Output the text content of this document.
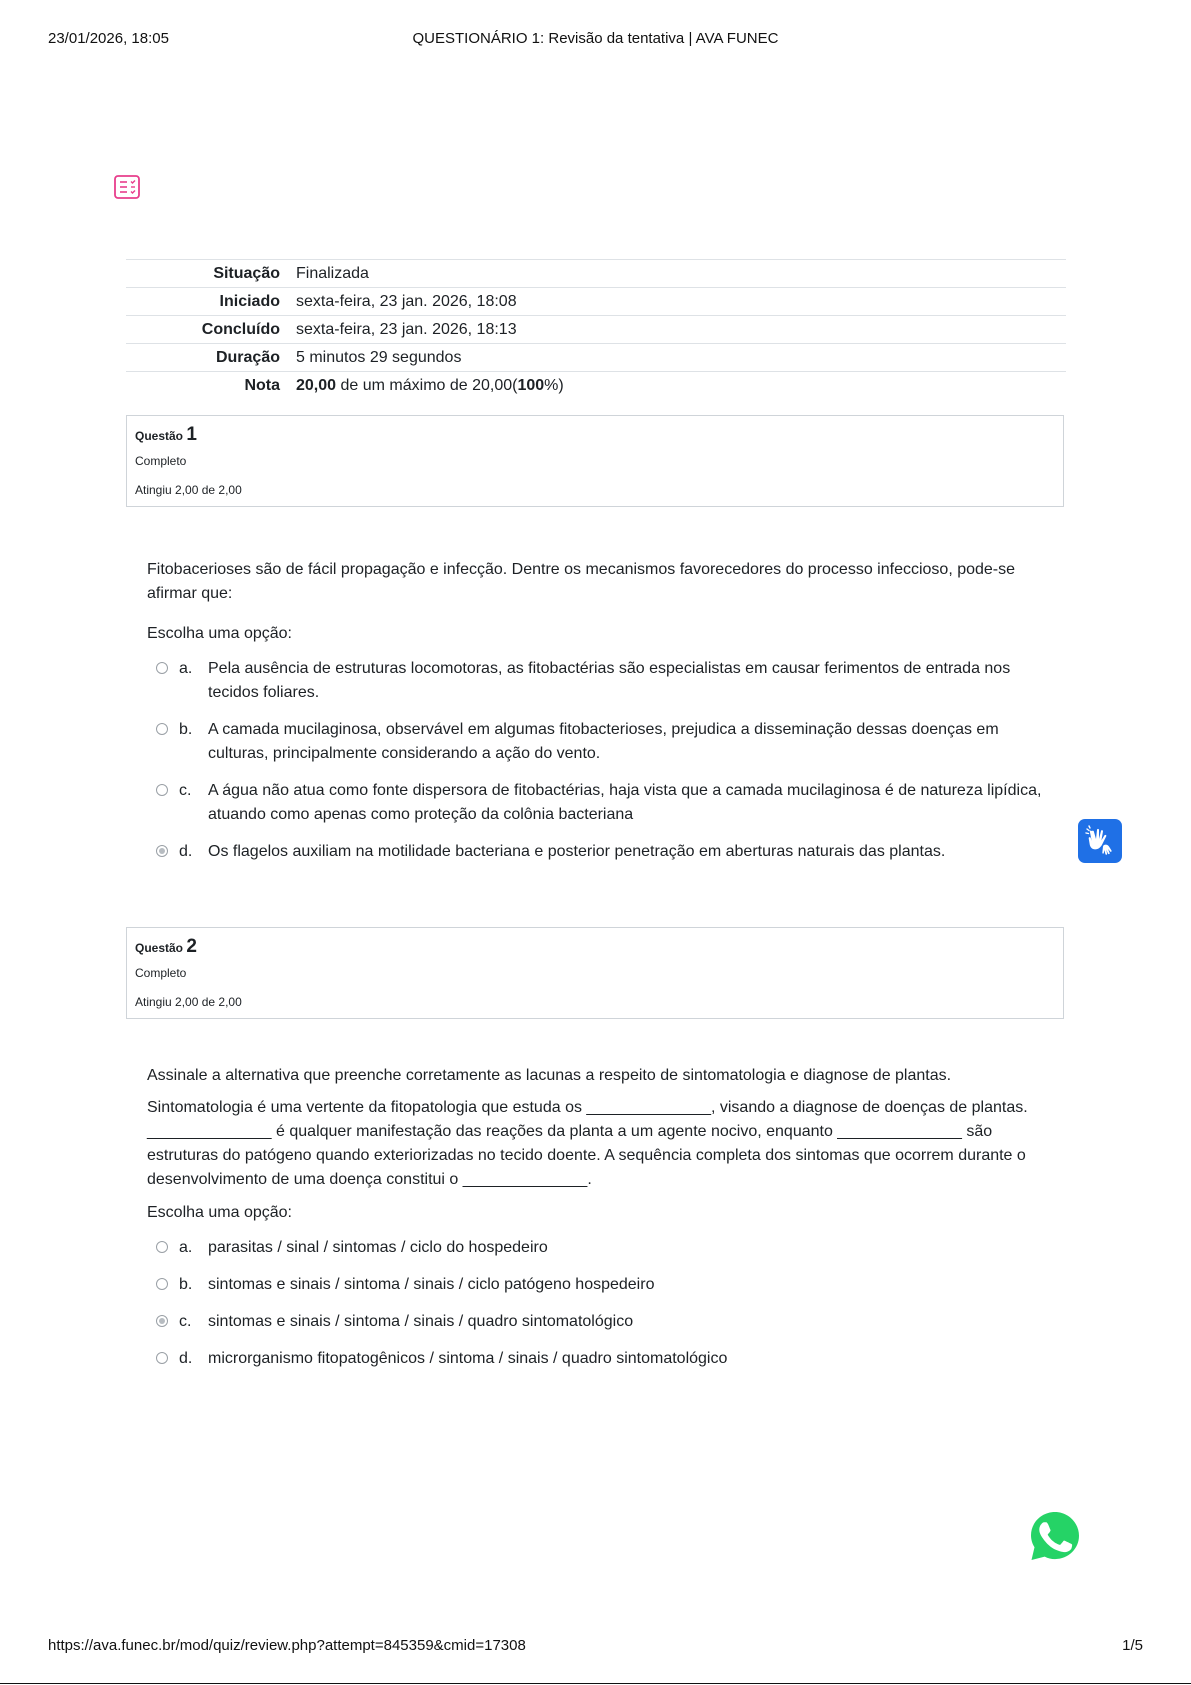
23/01/2026, 18:05	QUESTIONÁRIO 1: Revisão da tentativa | AVA FUNEC
Situação	Finalizada
Iniciado	sexta-feira, 23 jan. 2026, 18:08
Concluído	sexta-feira, 23 jan. 2026, 18:13
Duração	5 minutos 29 segundos
Nota	20,00 de um máximo de 20,00(100%)
Questão 1
Completo
Atingiu 2,00 de 2,00

Fitobacerioses são de fácil propagação e infecção. Dentre os mecanismos favorecedores do processo infeccioso, pode-se afirmar que:

Escolha uma opção:

a. Pela ausência de estruturas locomotoras, as fitobactérias são especialistas em causar ferimentos de entrada nos tecidos foliares.
b. A camada mucilaginosa, observável em algumas fitobacterioses, prejudica a disseminação dessas doenças em culturas, principalmente considerando a ação do vento.
c. A água não atua como fonte dispersora de fitobactérias, haja vista que a camada mucilaginosa é de natureza lipídica, atuando como apenas como proteção da colônia bacteriana
d. Os flagelos auxiliam na motilidade bacteriana e posterior penetração em aberturas naturais das plantas.
Questão 2
Completo
Atingiu 2,00 de 2,00

Assinale a alternativa que preenche corretamente as lacunas a respeito de sintomatologia e diagnose de plantas.

Sintomatologia é uma vertente da fitopatologia que estuda os ______________, visando a diagnose de doenças de plantas. ______________ é qualquer manifestação das reações da planta a um agente nocivo, enquanto ______________ são estruturas do patógeno quando exteriorizadas no tecido doente. A sequência completa dos sintomas que ocorrem durante o desenvolvimento de uma doença constitui o ______________.

Escolha uma opção:

a. parasitas / sinal / sintomas / ciclo do hospedeiro
b. sintomas e sinais / sintoma / sinais / ciclo patógeno hospedeiro
c. sintomas e sinais / sintoma / sinais / quadro sintomatológico
d. microrganismo fitopatogênicos / sintoma / sinais / quadro sintomatológico
https://ava.funec.br/mod/quiz/review.php?attempt=845359&cmid=17308	1/5
